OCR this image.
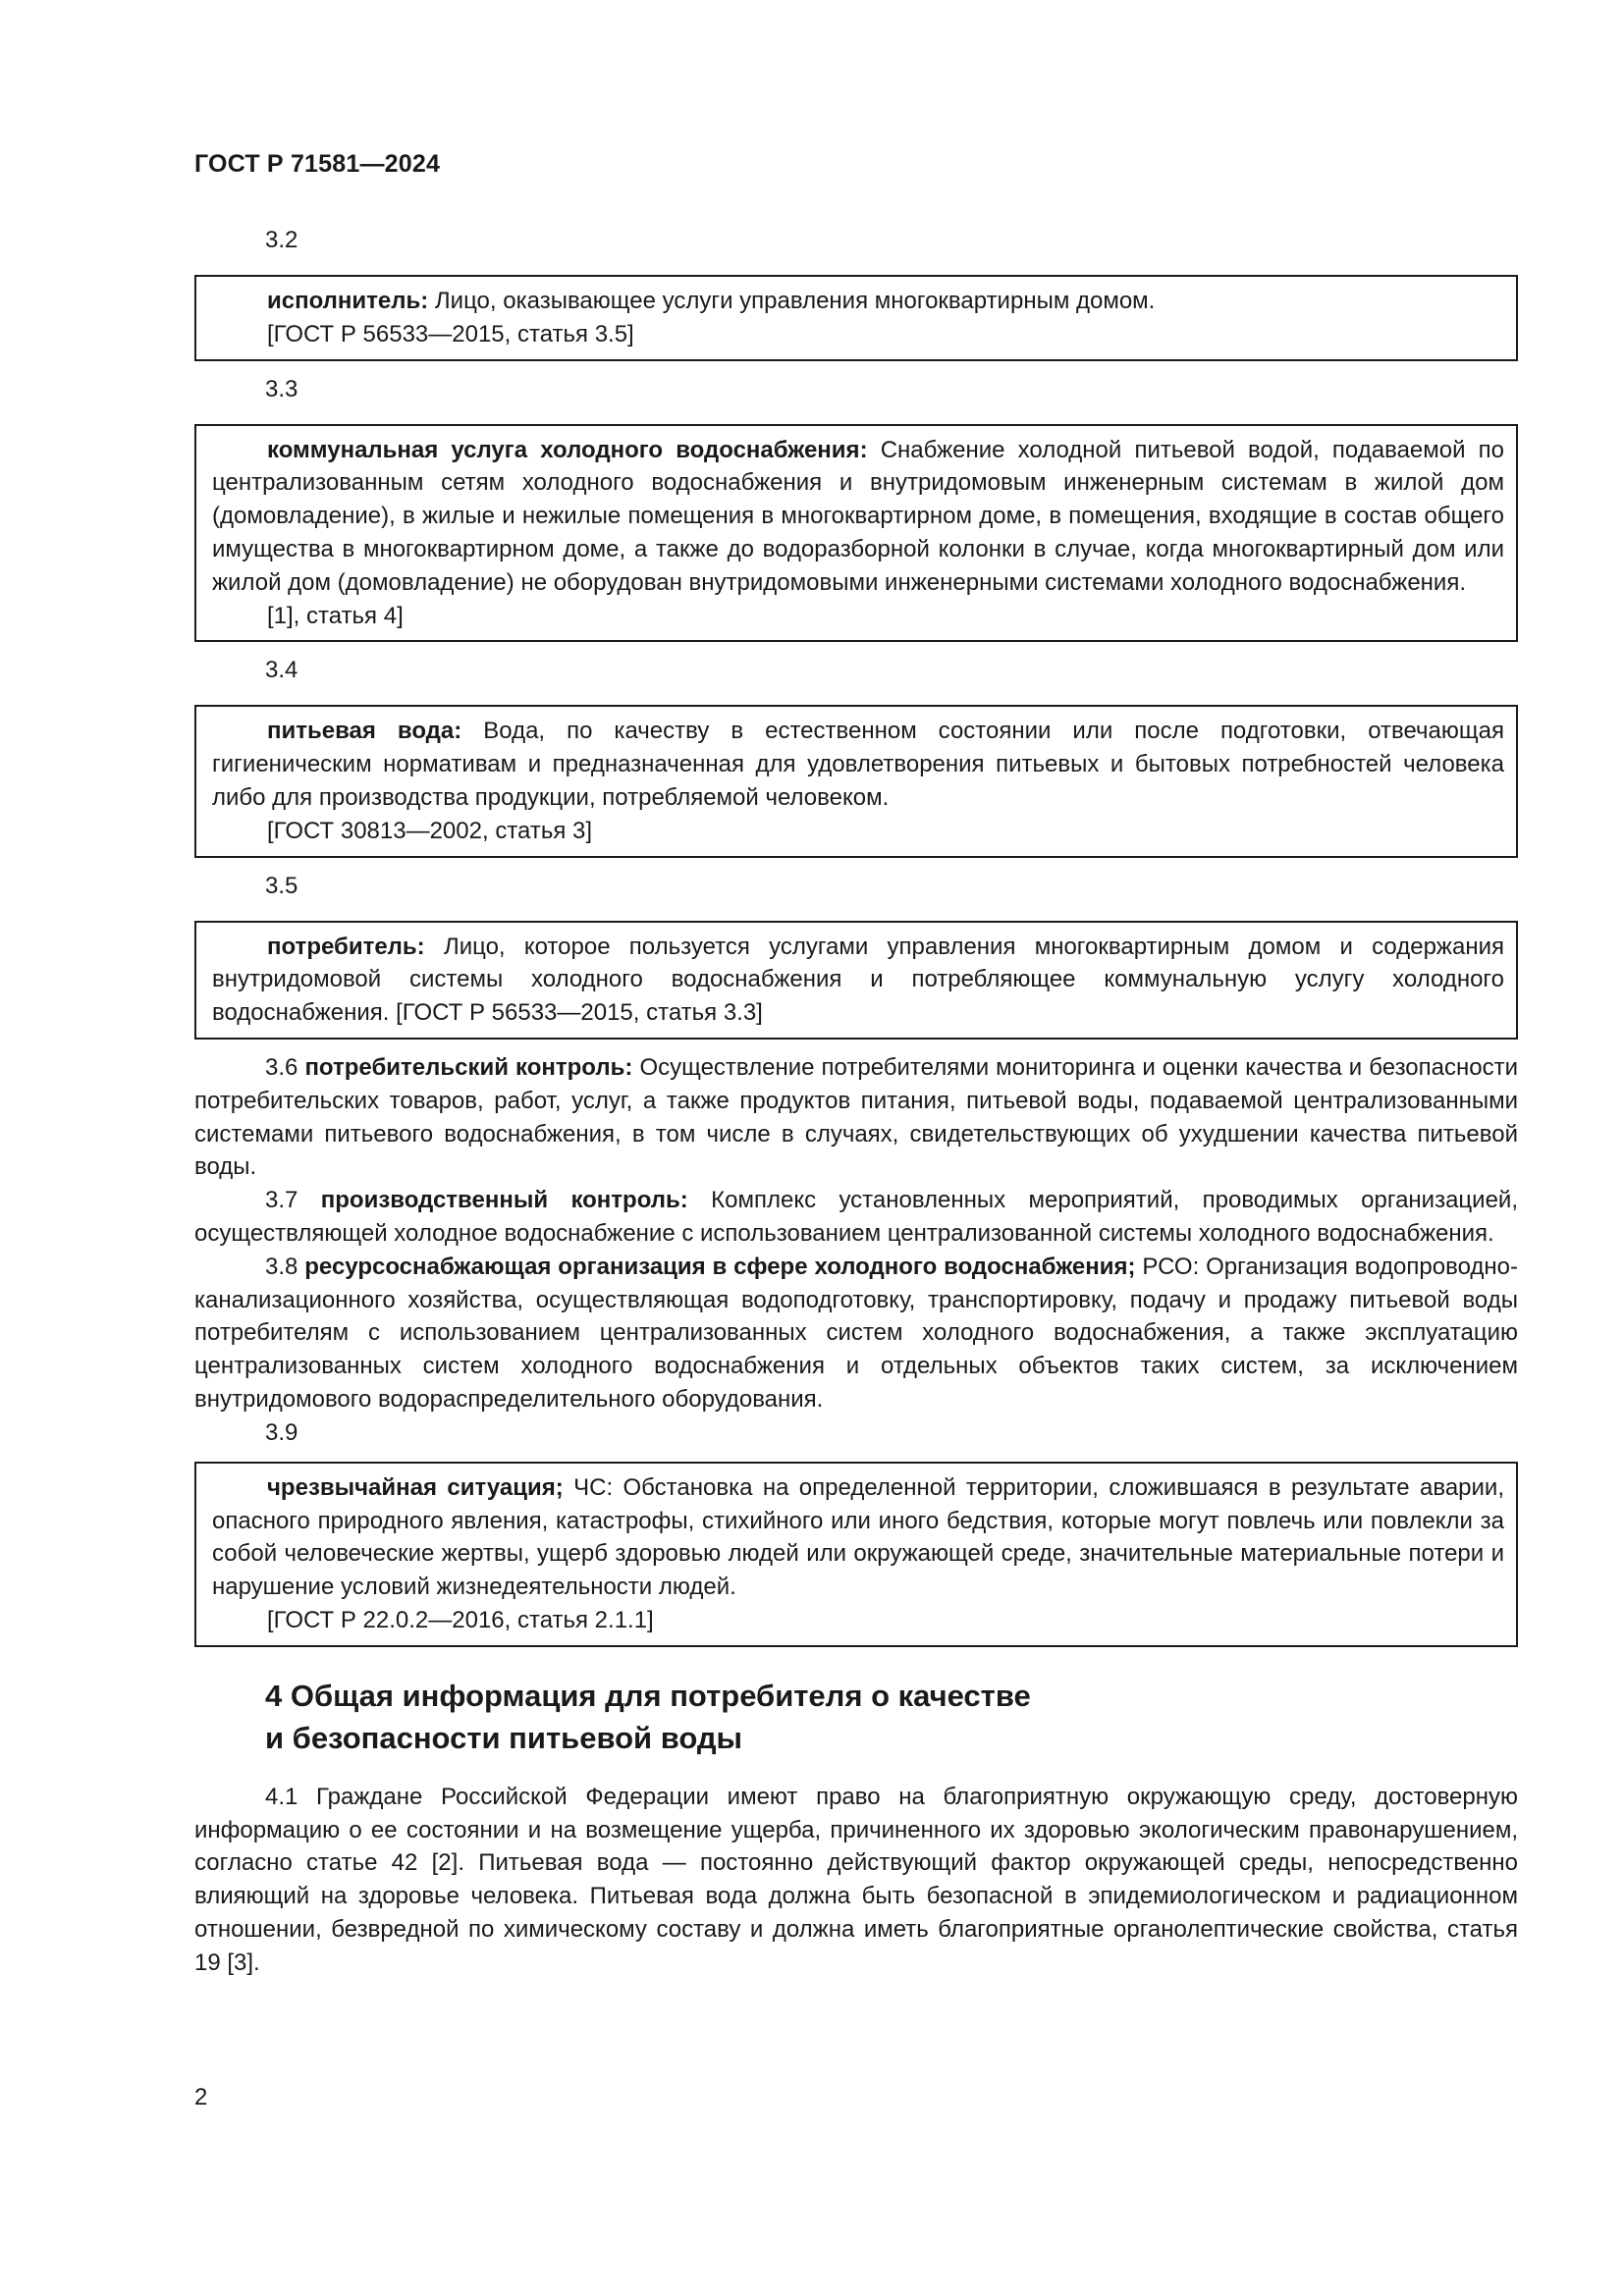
ГОСТ Р 71581—2024

3.2

исполнитель: Лицо, оказывающее услуги управления многоквартирным домом.

[ГОСТ Р 56533—2015, статья 3.5]

3.3

коммунальная услуга холодного водоснабжения: Снабжение холодной питьевой водой, подаваемой по централизованным сетям холодного водоснабжения и внутридомовым инженерным системам в жилой дом (домовладение), в жилые и нежилые помещения в многоквартирном доме, в помещения, входящие в состав общего имущества в многоквартирном доме, а также до водоразборной колонки в случае, когда многоквартирный дом или жилой дом (домовладение) не оборудован внутридомовыми инженерными системами холодного водоснабжения.

[1], статья 4]

3.4

питьевая вода: Вода, по качеству в естественном состоянии или после подготовки, отвечающая гигиеническим нормативам и предназначенная для удовлетворения питьевых и бытовых потребностей человека либо для производства продукции, потребляемой человеком.

[ГОСТ 30813—2002, статья 3]

3.5

потребитель: Лицо, которое пользуется услугами управления многоквартирным домом и содержания внутридомовой системы холодного водоснабжения и потребляющее коммунальную услугу холодного водоснабжения. [ГОСТ Р 56533—2015, статья 3.3]

3.6 потребительский контроль: Осуществление потребителями мониторинга и оценки качества и безопасности потребительских товаров, работ, услуг, а также продуктов питания, питьевой воды, подаваемой централизованными системами питьевого водоснабжения, в том числе в случаях, свидетельствующих об ухудшении качества питьевой воды.

3.7 производственный контроль: Комплекс установленных мероприятий, проводимых организацией, осуществляющей холодное водоснабжение с использованием централизованной системы холодного водоснабжения.

3.8 ресурсоснабжающая организация в сфере холодного водоснабжения; РСО: Организация водопроводно-канализационного хозяйства, осуществляющая водоподготовку, транспортировку, подачу и продажу питьевой воды потребителям с использованием централизованных систем холодного водоснабжения, а также эксплуатацию централизованных систем холодного водоснабжения и отдельных объектов таких систем, за исключением внутридомового водораспределительного оборудования.

3.9

чрезвычайная ситуация; ЧС: Обстановка на определенной территории, сложившаяся в результате аварии, опасного природного явления, катастрофы, стихийного или иного бедствия, которые могут повлечь или повлекли за собой человеческие жертвы, ущерб здоровью людей или окружающей среде, значительные материальные потери и нарушение условий жизнедеятельности людей.

[ГОСТ Р 22.0.2—2016, статья 2.1.1]

4 Общая информация для потребителя о качестве
и безопасности питьевой воды

4.1 Граждане Российской Федерации имеют право на благоприятную окружающую среду, достоверную информацию о ее состоянии и на возмещение ущерба, причиненного их здоровью экологическим правонарушением, согласно статье 42 [2]. Питьевая вода — постоянно действующий фактор окружающей среды, непосредственно влияющий на здоровье человека. Питьевая вода должна быть безопасной в эпидемиологическом и радиационном отношении, безвредной по химическому составу и должна иметь благоприятные органолептические свойства, статья 19 [3].

2
